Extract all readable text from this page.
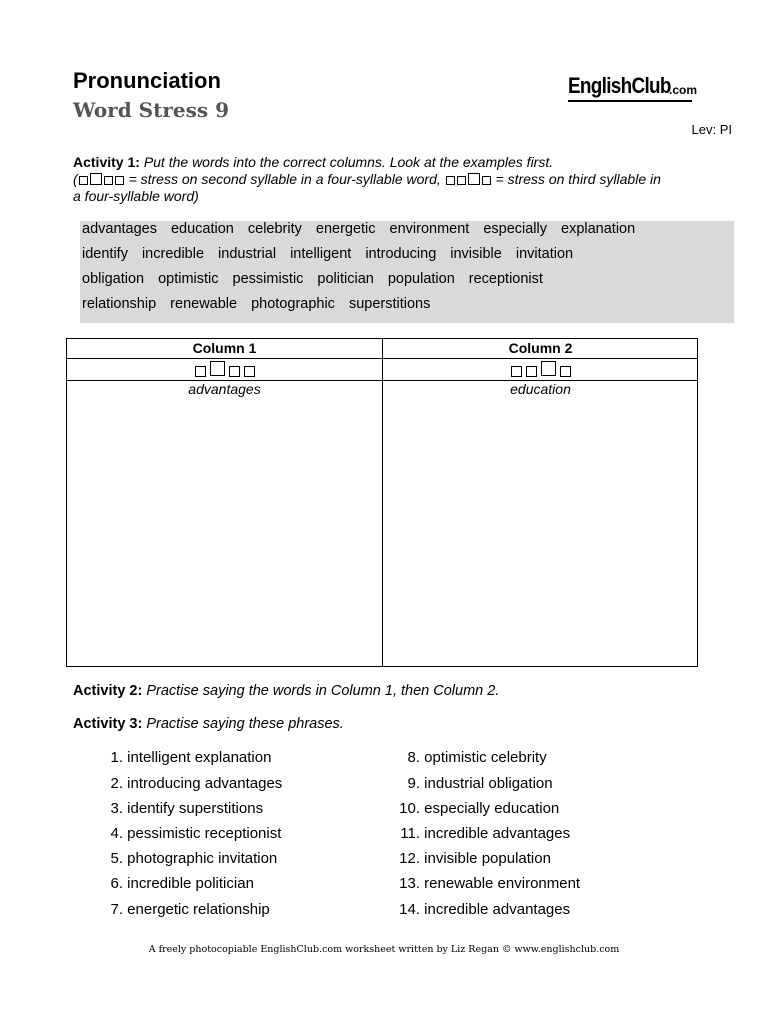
Pronunciation
Word Stress 9
EnglishClub
.com
Lev: PI
Activity 1: Put the words into the correct columns. Look at the examples first.
(	= stress on second syllable in a four-syllable word,	= stress on third syllable in
a four-syllable word)
advantages education celebrity energetic environment especially explanation
identify incredible industrial intelligent introducing invisible invitation
obligation optimistic pessimistic politician population receptionist
relationship renewable photographic superstitions
Column 1	Column 2
advantages	education
Activity 2: Practise saying the words in Column 1, then Column 2.
Activity 3: Practise saying these phrases.
1. intelligent explanation
2. introducing advantages
3. identify superstitions
4. pessimistic receptionist
5. photographic invitation
6. incredible politician
7. energetic relationship
8. optimistic celebrity
9. industrial obligation
10. especially education
11. incredible advantages
12. invisible population
13. renewable environment
14. incredible advantages
A freely photocopiable EnglishClub.com worksheet written by Liz Regan © www.englishclub.com
